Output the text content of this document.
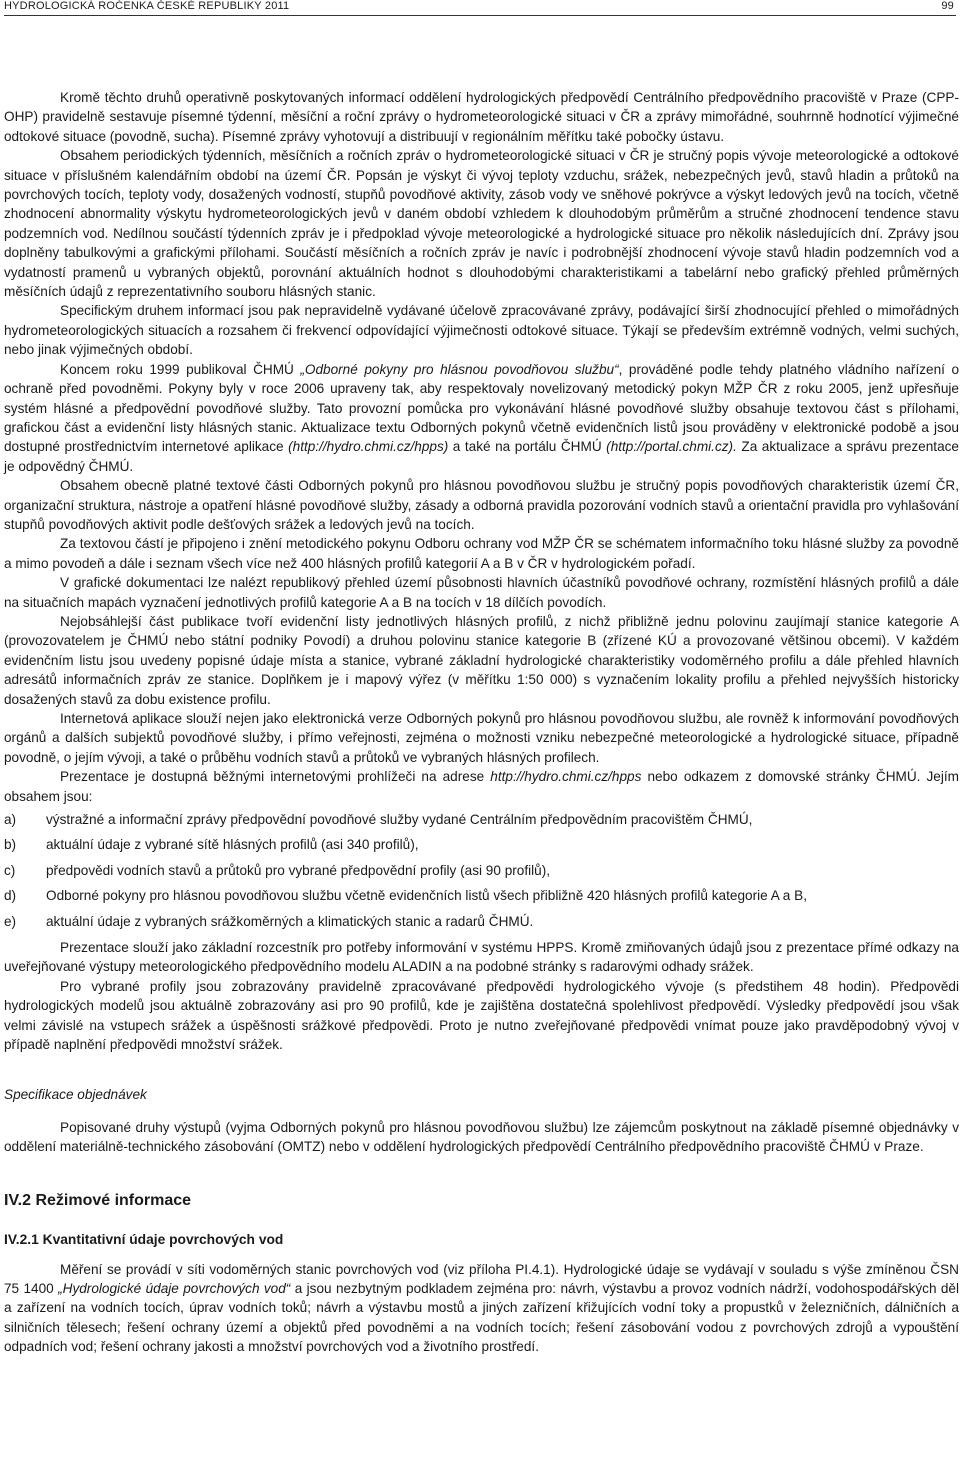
HYDROLOGICKÁ ROČENKA ČESKÉ REPUBLIKY 2011	99

Kromě těchto druhů operativně poskytovaných informací oddělení hydrologických předpovědí Centrálního předpovědního pracoviště v Praze (CPP-OHP) pravidelně sestavuje písemné týdenní, měsíční a roční zprávy o hydrometeorologické situaci v ČR a zprávy mimořádné, souhrnně hodnotící výjimečné odtokové situace (povodně, sucha). Písemné zprávy vyhotovují a distribuují v regionálním měřítku také pobočky ústavu.

Obsahem periodických týdenních, měsíčních a ročních zpráv o hydrometeorologické situaci v ČR je stručný popis vývoje meteorologické a odtokové situace v příslušném kalendářním období na území ČR. Popsán je výskyt či vývoj teploty vzduchu, srážek, nebezpečných jevů, stavů hladin a průtoků na povrchových tocích, teploty vody, dosažených vodností, stupňů povodňové aktivity, zásob vody ve sněhové pokrývce a výskyt ledových jevů na tocích, včetně zhodnocení abnormality výskytu hydrometeorologických jevů v daném období vzhledem k dlouhodobým průměrům a stručné zhodnocení tendence stavu podzemních vod. Nedílnou součástí týdenních zpráv je i předpoklad vývoje meteorologické a hydrologické situace pro několik následujících dní. Zprávy jsou doplněny tabulkovými a grafickými přílohami. Součástí měsíčních a ročních zpráv je navíc i podrobnější zhodnocení vývoje stavů hladin podzemních vod a vydatností pramenů u vybraných objektů, porovnání aktuálních hodnot s dlouhodobými charakteristikami a tabelární nebo grafický přehled průměrných měsíčních údajů z reprezentativního souboru hlásných stanic.

Specifickým druhem informací jsou pak nepravidelně vydávané účelově zpracovávané zprávy, podávající širší zhodnocující přehled o mimořádných hydrometeorologických situacích a rozsahem či frekvencí odpovídající výjimečnosti odtokové situace. Týkají se především extrémně vodných, velmi suchých, nebo jinak výjimečných období.

Koncem roku 1999 publikoval ČHMÚ „Odborné pokyny pro hlásnou povodňovou službu“, prováděné podle tehdy platného vládního nařízení o ochraně před povodněmi. Pokyny byly v roce 2006 upraveny tak, aby respektovaly novelizovaný metodický pokyn MŽP ČR z roku 2005, jenž upřesňuje systém hlásné a předpovědní povodňové služby. Tato provozní pomůcka pro vykonávání hlásné povodňové služby obsahuje textovou část s přílohami, grafickou část a evidenční listy hlásných stanic. Aktualizace textu Odborných pokynů včetně evidenčních listů jsou prováděny v elektronické podobě a jsou dostupné prostřednictvím internetové aplikace (http://hydro.chmi.cz/hpps) a také na portálu ČHMÚ (http://portal.chmi.cz). Za aktualizace a správu prezentace je odpovědný ČHMÚ.

Obsahem obecně platné textové části Odborných pokynů pro hlásnou povodňovou službu je stručný popis povodňových charakteristik území ČR, organizační struktura, nástroje a opatření hlásné povodňové služby, zásady a odborná pravidla pozorování vodních stavů a orientační pravidla pro vyhlašování stupňů povodňových aktivit podle dešťových srážek a ledových jevů na tocích.

Za textovou částí je připojeno i znění metodického pokynu Odboru ochrany vod MŽP ČR se schématem informačního toku hlásné služby za povodně a mimo povodeň a dále i seznam všech více než 400 hlásných profilů kategorií A a B v ČR v hydrologickém pořadí.

V grafické dokumentaci lze nalézt republikový přehled území působnosti hlavních účastníků povodňové ochrany, rozmístění hlásných profilů a dále na situačních mapách vyznačení jednotlivých profilů kategorie A a B na tocích v 18 dílčích povodích.

Nejobsáhlejší část publikace tvoří evidenční listy jednotlivých hlásných profilů, z nichž přibližně jednu polovinu zaujímají stanice kategorie A (provozovatelem je ČHMÚ nebo státní podniky Povodí) a druhou polovinu stanice kategorie B (zřízené KÚ a provozované většinou obcemi). V každém evidenčním listu jsou uvedeny popisné údaje místa a stanice, vybrané základní hydrologické charakteristiky vodoměrného profilu a dále přehled hlavních adresátů informačních zpráv ze stanice. Doplňkem je i mapový výřez (v měřítku 1:50 000) s vyznačením lokality profilu a přehled nejvyšších historicky dosažených stavů za dobu existence profilu.

Internetová aplikace slouží nejen jako elektronická verze Odborných pokynů pro hlásnou povodňovou službu, ale rovněž k informování povodňových orgánů a dalších subjektů povodňové služby, i přímo veřejnosti, zejména o možnosti vzniku nebezpečné meteorologické a hydrologické situace, případně povodně, o jejím vývoji, a také o průběhu vodních stavů a průtoků ve vybraných hlásných profilech.

Prezentace je dostupná běžnými internetovými prohlížeči na adrese http://hydro.chmi.cz/hpps nebo odkazem z domovské stránky ČHMÚ. Jejím obsahem jsou:

a)	výstražné a informační zprávy předpovědní povodňové služby vydané Centrálním předpovědním pracovištěm ČHMÚ,
b)	aktuální údaje z vybrané sítě hlásných profilů (asi 340 profilů),
c)	předpovědi vodních stavů a průtoků pro vybrané předpovědní profily (asi 90 profilů),
d)	Odborné pokyny pro hlásnou povodňovou službu včetně evidenčních listů všech přibližně 420 hlásných profilů kategorie A a B,
e)	aktuální údaje z vybraných srážkoměrných a klimatických stanic a radarů ČHMÚ.

Prezentace slouží jako základní rozcestník pro potřeby informování v systému HPPS. Kromě zmiňovaných údajů jsou z prezentace přímé odkazy na uveřejňované výstupy meteorologického předpovědního modelu ALADIN a na podobné stránky s radarovými odhady srážek.

Pro vybrané profily jsou zobrazovány pravidelně zpracovávané předpovědi hydrologického vývoje (s předstihem 48 hodin). Předpovědi hydrologických modelů jsou aktuálně zobrazovány asi pro 90 profilů, kde je zajištěna dostatečná spolehlivost předpovědí. Výsledky předpovědí jsou však velmi závislé na vstupech srážek a úspěšnosti srážkové předpovědi. Proto je nutno zveřejňované předpovědi vnímat pouze jako pravděpodobný vývoj v případě naplnění předpovědi množství srážek.

Specifikace objednávek

Popisované druhy výstupů (vyjma Odborných pokynů pro hlásnou povodňovou službu) lze zájemcům poskytnout na základě písemné objednávky v oddělení materiálně-technického zásobování (OMTZ) nebo v oddělení hydrologických předpovědí Centrálního předpovědního pracoviště ČHMÚ v Praze.

IV.2 Režimové informace
IV.2.1 Kvantitativní údaje povrchových vod

Měření se provádí v síti vodoměrných stanic povrchových vod (viz příloha PI.4.1). Hydrologické údaje se vydávají v souladu s výše zmíněnou ČSN 75 1400 „Hydrologické údaje povrchových vod“ a jsou nezbytným podkladem zejména pro: návrh, výstavbu a provoz vodních nádrží, vodohospodářských děl a zařízení na vodních tocích, úprav vodních toků; návrh a výstavbu mostů a jiných zařízení křižujících vodní toky a propustků v železničních, dálničních a silničních tělesech; řešení ochrany území a objektů před povodněmi a na vodních tocích; řešení zásobování vodou z povrchových zdrojů a vypouštění odpadních vod; řešení ochrany jakosti a množství povrchových vod a životního prostředí.
